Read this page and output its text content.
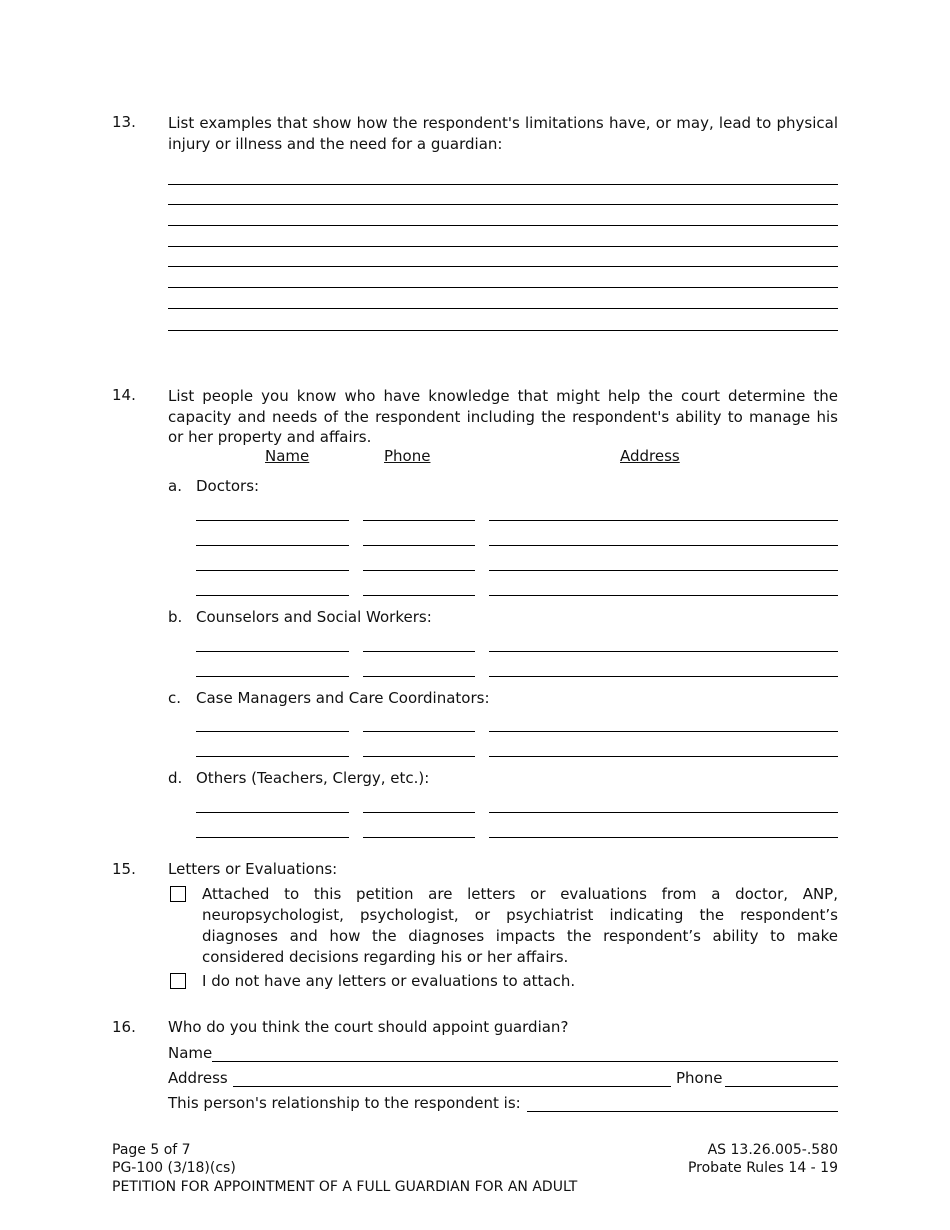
13. List examples that show how the respondent's limitations have, or may, lead to physical injury or illness and the need for a guardian:
14. List people you know who have knowledge that might help the court determine the capacity and needs of the respondent including the respondent's ability to manage his or her property and affairs.
Name	Phone	Address
a. Doctors:
b. Counselors and Social Workers:
c. Case Managers and Care Coordinators:
d. Others (Teachers, Clergy, etc.):
15. Letters or Evaluations:
Attached to this petition are letters or evaluations from a doctor, ANP, neuropsychologist, psychologist, or psychiatrist indicating the respondent’s diagnoses and how the diagnoses impacts the respondent’s ability to make considered decisions regarding his or her affairs.
I do not have any letters or evaluations to attach.
16. Who do you think the court should appoint guardian?
Name
Address	Phone
This person's relationship to the respondent is:
Page 5 of 7
PG-100 (3/18)(cs)
PETITION FOR APPOINTMENT OF A FULL GUARDIAN FOR AN ADULT
AS 13.26.005-.580
Probate Rules 14 - 19
